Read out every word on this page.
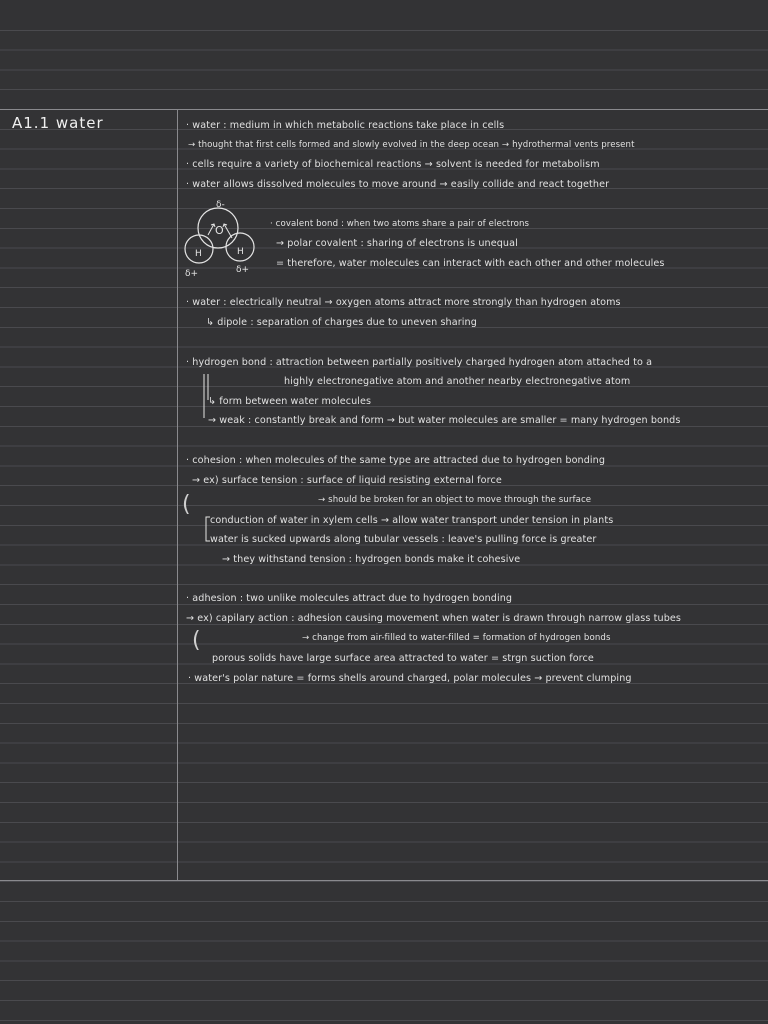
A1.1 water	· water : medium in which metabolic reactions take place in cells
→ thought that first cells formed and slowly evolved in the deep ocean → hydrothermal vents present
· cells require a variety of biochemical reactions → solvent is needed for metabolism
· water allows dissolved molecules to move around → easily collide and react together
O
H	H
δ-
δ+	δ+
· covalent bond : when two atoms share a pair of electrons
→ polar covalent : sharing of electrons is unequal
= therefore, water molecules can interact with each other and other molecules
· water : electrically neutral → oxygen atoms attract more strongly than hydrogen atoms
↳ dipole : separation of charges due to uneven sharing
· hydrogen bond : attraction between partially positively charged hydrogen atom attached to a
highly electronegative atom and another nearby electronegative atom
↳ form between water molecules
→ weak : constantly break and form → but water molecules are smaller = many hydrogen bonds
· cohesion : when molecules of the same type are attracted due to hydrogen bonding
→ ex) surface tension : surface of liquid resisting external force
→ should be broken for an object to move through the surface
(
conduction of water in xylem cells → allow water transport under tension in plants
water is sucked upwards along tubular vessels : leave's pulling force is greater
→ they withstand tension : hydrogen bonds make it cohesive
· adhesion : two unlike molecules attract due to hydrogen bonding
→ ex) capilary action : adhesion causing movement when water is drawn through narrow glass tubes
→ change from air-filled to water-filled = formation of hydrogen bonds
(
porous solids have large surface area attracted to water = strgn suction force
· water's polar nature = forms shells around charged, polar molecules → prevent clumping
